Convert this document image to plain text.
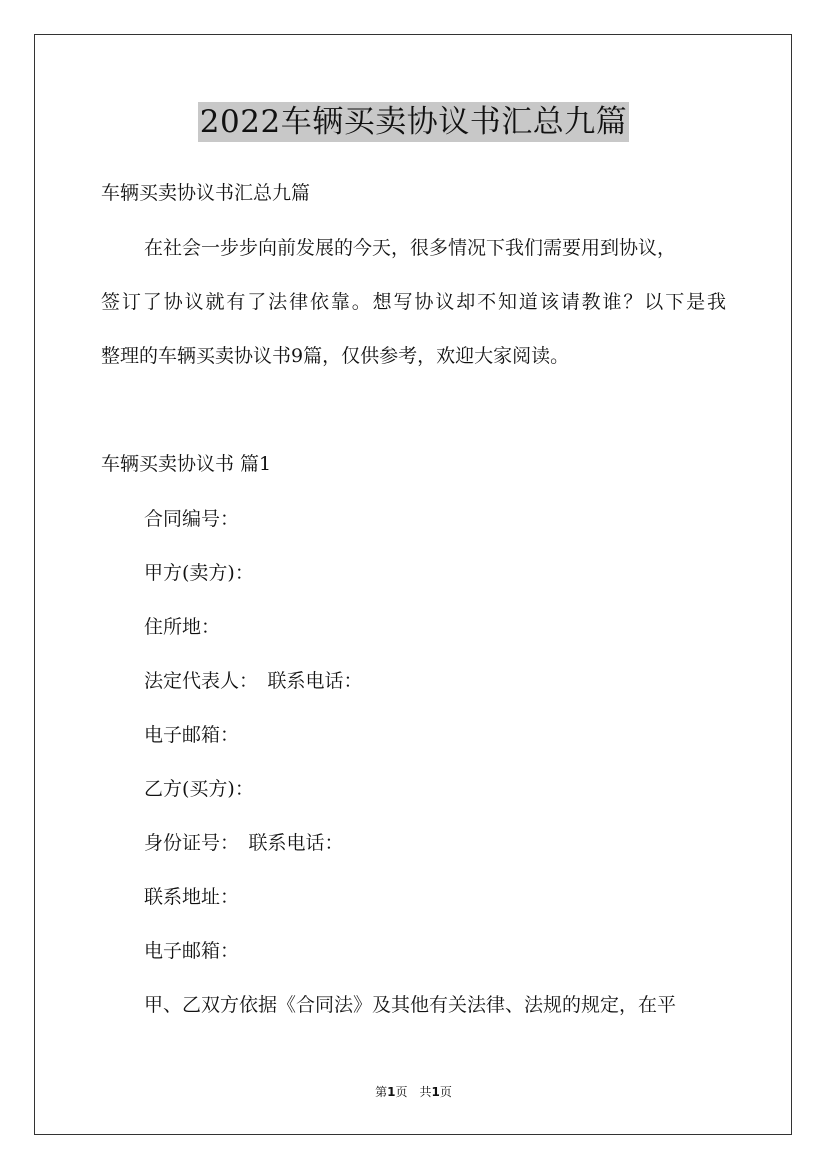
2022车辆买卖协议书汇总九篇
车辆买卖协议书汇总九篇
在社会一步步向前发展的今天，很多情况下我们需要用到协议，
签订了协议就有了法律依靠。想写协议却不知道该请教谁？以下是我
整理的车辆买卖协议书9篇，仅供参考，欢迎大家阅读。
车辆买卖协议书 篇1
合同编号：
甲方(卖方)：
住所地：
法定代表人：　联系电话：
电子邮箱：
乙方(买方)：
身份证号：　联系电话：
联系地址：
电子邮箱：
甲、乙双方依据《合同法》及其他有关法律、法规的规定，在平
第1页 共1页
